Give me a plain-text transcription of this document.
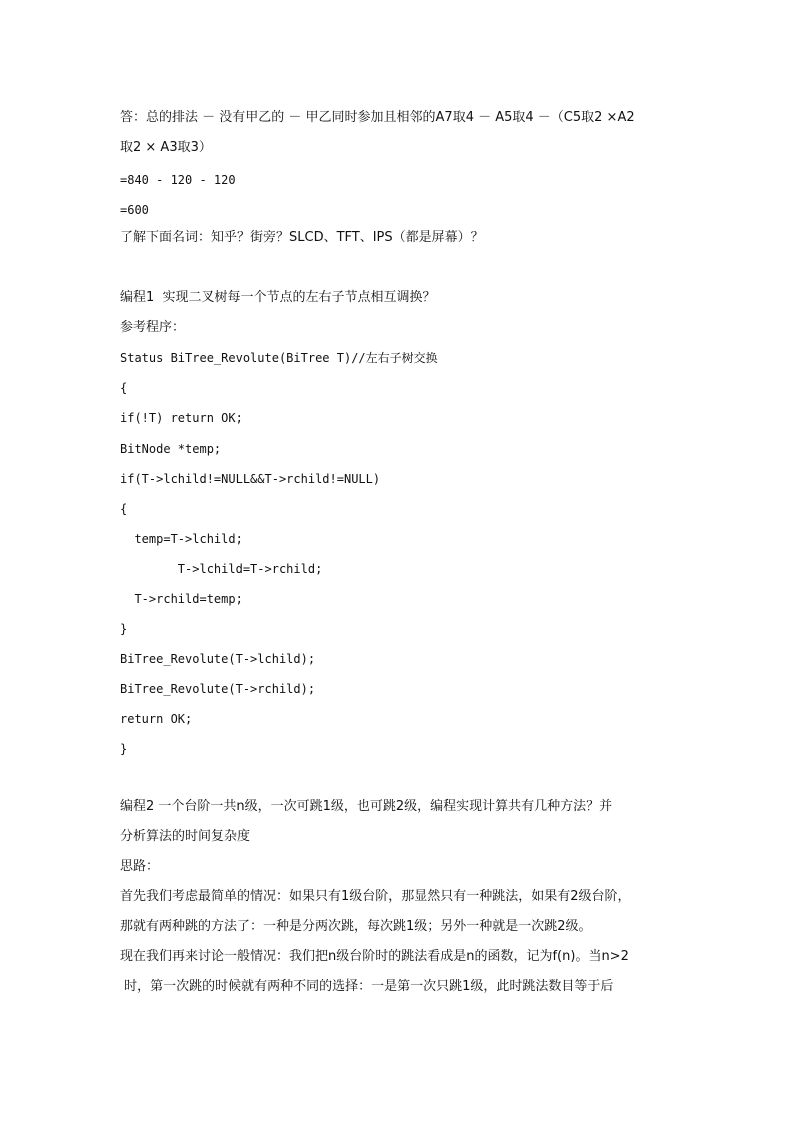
答：总的排法 － 没有甲乙的 － 甲乙同时参加且相邻的A7取4 － A5取4 －（C5取2 ×A2
取2 × A3取3）
=840 - 120 - 120
=600
了解下面名词：知乎？街旁？SLCD、TFT、IPS（都是屏幕）？
编程1  实现二叉树每一个节点的左右子节点相互调换？
参考程序：
Status BiTree_Revolute(BiTree T)//左右子树交换
{
if(!T) return OK;
BitNode *temp;
if(T->lchild!=NULL&&T->rchild!=NULL)
{
temp=T->lchild;
T->lchild=T->rchild;
T->rchild=temp;
}
BiTree_Revolute(T->lchild);
BiTree_Revolute(T->rchild);
return OK;
}
编程2 一个台阶一共n级，一次可跳1级，也可跳2级，编程实现计算共有几种方法？并
分析算法的时间复杂度
思路：
首先我们考虑最简单的情况：如果只有1级台阶，那显然只有一种跳法，如果有2级台阶，
那就有两种跳的方法了：一种是分两次跳，每次跳1级；另外一种就是一次跳2级。
现在我们再来讨论一般情况：我们把n级台阶时的跳法看成是n的函数，记为f(n)。当n>2
时，第一次跳的时候就有两种不同的选择：一是第一次只跳1级，此时跳法数目等于后
